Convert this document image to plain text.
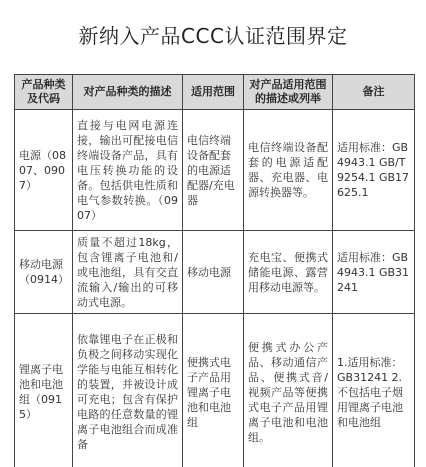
新纳入产品CCC认证范围界定
产品种类及代码	对产品种类的描述	适用范围	对产品适用范围的描述或列举	备注
电源（0807、0907）	直接与电网电源连接，输出可配接电信终端设备产品，具有电压转换功能的设备。包括供电性质和电气参数转换。（0907）	电信终端设备配套的电源适配器/充电器	电信终端设备配套的电源适配器、充电器、电源转换器等。	适用标准：GB4943.1 GB/T9254.1 GB17625.1
移动电源（0914）	质量不超过18kg，包含锂离子电池和/或电池组，具有交直流输入/输出的可移动式电源。	移动电源	充电宝、便携式储能电源、露营用移动电源等。	适用标准：GB4943.1 GB31241
锂离子电池和电池组（0915）	依靠锂电子在正极和负极之间移动实现化学能与电能互相转化的装置，并被设计成可充电；包含有保护电路的任意数量的锂离子电池组合而成准备	便携式电子产品用锂离子电池和电池组	便携式办公产品、移动通信产品、便携式音/视频产品等便携式电子产品用锂离子电池和电池组。	1.适用标准：GB31241 2.不包括电子烟用锂离子电池和电池组
